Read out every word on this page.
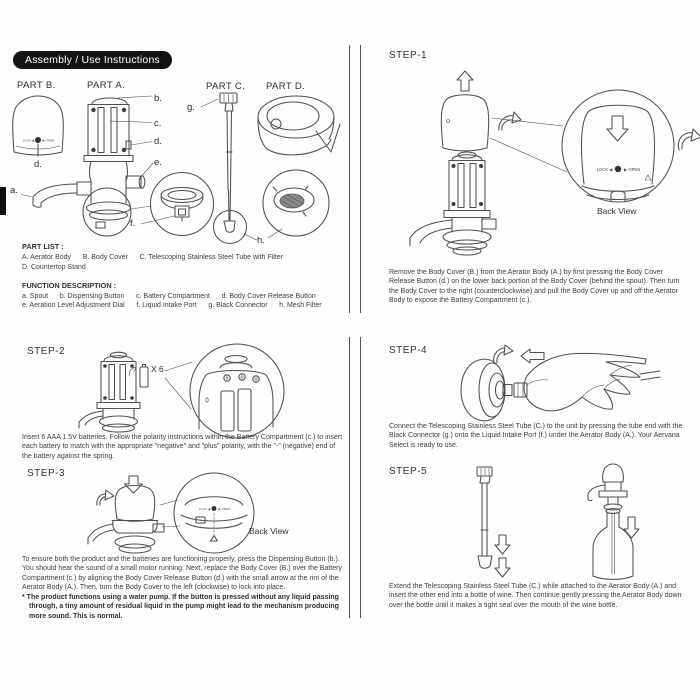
LOCK ◀	▶ OPEN
LOCK ◀	▶ OPEN
LOCK ◀	▶ OPEN
Assembly / Use Instructions
PART B.	PART A.	PART C. PART D.
b.
g.
c.
d.
e.
d.
a.
f.
h.
PART LIST :
A. Aerator Body      B. Body Cover      C. Telescoping Stainless Steel Tube with Filter
D. Countertop Stand
FUNCTION DESCRIPTION :
a. Spout      b. Dispensing Button      c. Battery Compartment      d. Body Cover Release Button
e. Aeration Level Adjustment Dial      f. Liquid Intake Port      g. Black Connector      h. Mesh Filter
STEP-2
X 6
Insert 6 AAA 1.5V batteries. Follow the polarity instructions within the Battery Compartment (c.) to insert each battery to match with the appropriate "negative" and "plus" polarity, with the "-" (negative) end of the battery against the spring.
STEP-3
Back View
To ensure both the product and the batteries are functioning properly, press the Dispensing Button (b.). You should hear the sound of a small motor running. Next, replace the Body Cover (B.) over the Battery Compartment (c.) by aligning the Body Cover Release Button (d.) with the small arrow at the rim of the Aerator Body (A.). Then, turn the Body Cover to the left (clockwise) to lock into place.
* The product functions using a water pump. If the button is pressed without any liquid passing through, a tiny amount of residual liquid in the pump might lead to the mechanism producing more sound. This is normal.
STEP-1
Back View
Remove the Body Cover (B.) from the Aerator Body (A.) by first pressing the Body Cover Release Button (d.) on the lower back portion of the Body Cover (behind the spout). Then turn the Body Cover to the right (counterclockwise) and pull the Body Cover up and off the Aerator Body to expose the Battery Compartment (c.).
STEP-4
Connect the Telescoping Stainless Steel Tube (C.) to the unit by pressing the tube end with the Black Connector (g.) onto the Liquid Intake Port (f.) under the Aerator Body (A.). Your Aervana Select is ready to use.
STEP-5
Extend the Telescoping Stainless Steel Tube (C.) while attached to the Aerator Body (A.) and insert the other end into a bottle of wine. Then continue gently pressing the Aerator Body down over the bottle until it makes a tight seal over the mouth of the wine bottle.
